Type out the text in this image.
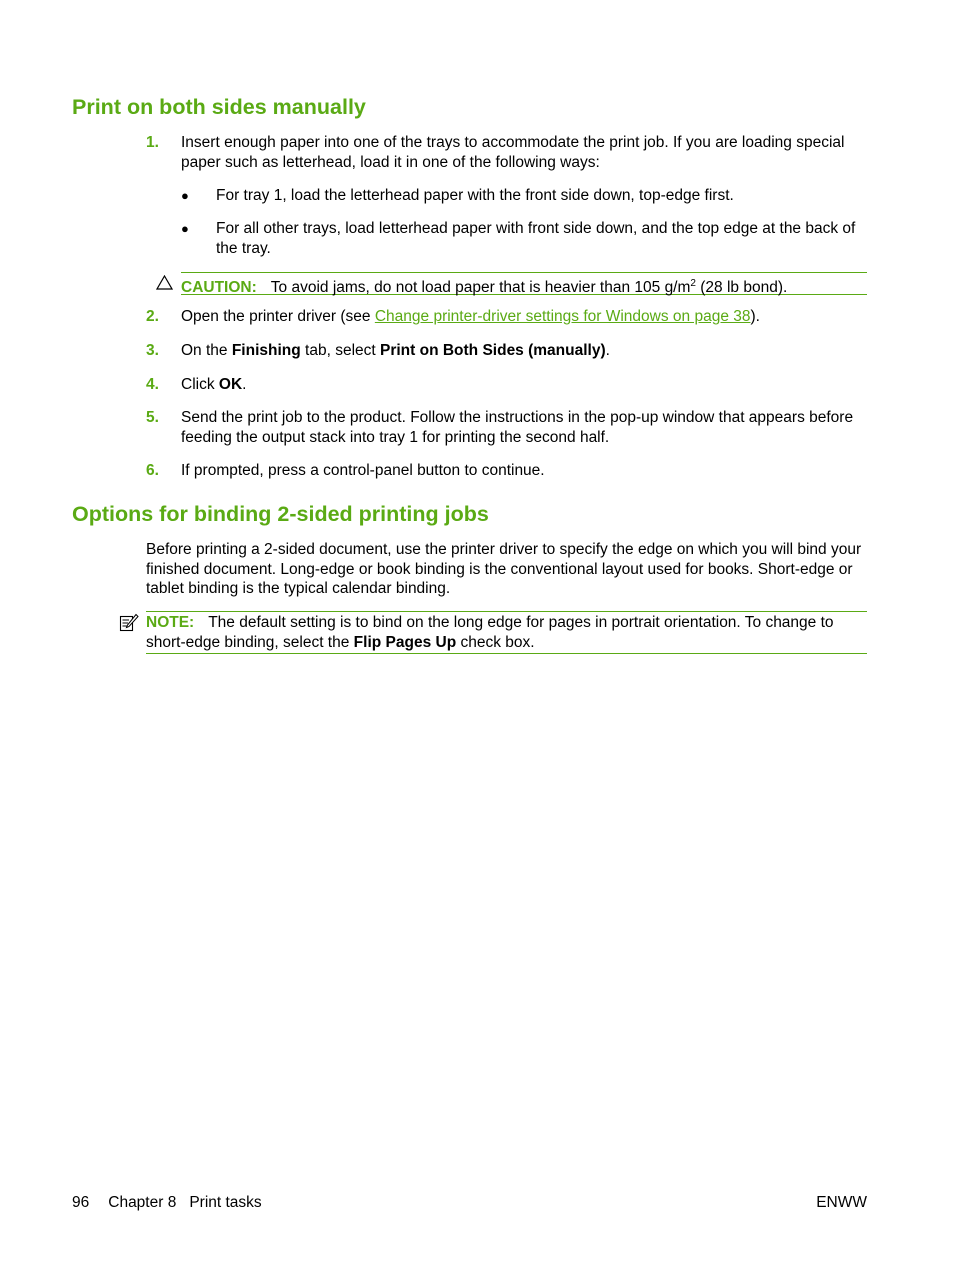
Print on both sides manually
1. Insert enough paper into one of the trays to accommodate the print job. If you are loading special paper such as letterhead, load it in one of the following ways:
● For tray 1, load the letterhead paper with the front side down, top-edge first.
● For all other trays, load letterhead paper with front side down, and the top edge at the back of the tray.
CAUTION: To avoid jams, do not load paper that is heavier than 105 $g/m^2$ (28 lb bond).
2. Open the printer driver (see Change printer-driver settings for Windows on page 38).
3. On the Finishing tab, select Print on Both Sides (manually).
4. Click OK.
5. Send the print job to the product. Follow the instructions in the pop-up window that appears before feeding the output stack into tray 1 for printing the second half.
6. If prompted, press a control-panel button to continue.
Options for binding 2-sided printing jobs
Before printing a 2-sided document, use the printer driver to specify the edge on which you will bind your finished document. Long-edge or book binding is the conventional layout used for books. Short-edge or tablet binding is the typical calendar binding.
NOTE: The default setting is to bind on the long edge for pages in portrait orientation. To change to short-edge binding, select the Flip Pages Up check box.
96 Chapter 8 Print tasks	ENWW
